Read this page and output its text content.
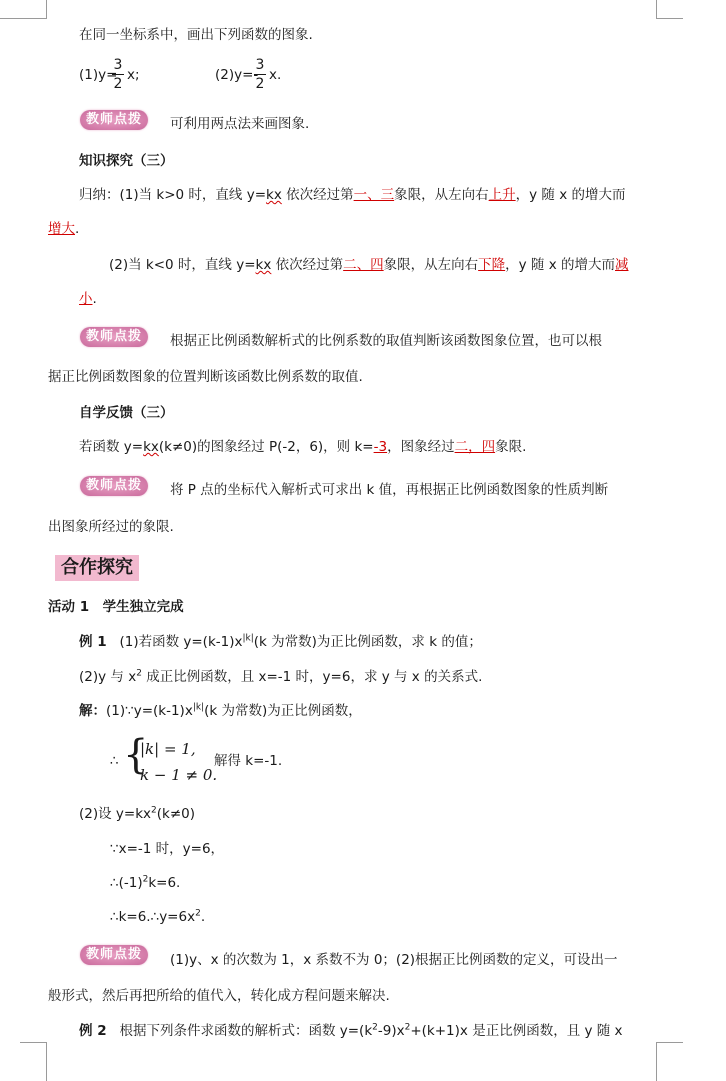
在同一坐标系中，画出下列函数的图象.
(1)y=
3
2
x;	(2)y=-
3
2
x.
教师点拨	可利用两点法来画图象.
知识探究（三）
归纳：(1)当 k>0 时，直线 y=kx 依次经过第一、三象限，从左向右上升，y 随 x 的增大而
增大.
(2)当 k<0 时，直线 y=kx 依次经过第二、四象限，从左向右下降，y 随 x 的增大而减
小.
教师点拨	根据正比例函数解析式的比例系数的取值判断该函数图象位置，也可以根
据正比例函数图象的位置判断该函数比例系数的取值.
自学反馈（三）
若函数 y=kx(k≠0)的图象经过 P(-2，6)，则 k=-3，图象经过二，四象限.
教师点拨	将 P 点的坐标代入解析式可求出 k 值，再根据正比例函数图象的性质判断
出图象所经过的象限.
合作探究
活动 1　学生独立完成
例 1 (1)若函数 $y=(k-1)x^{|k|}(k$ 为常数)为正比例函数，求 k 的值；
(2)y 与 $x^2$ 成正比例函数，且 x=-1 时，y=6，求 y 与 x 的关系式.
解：$(1)\because y=(k-1)x^{|k|}(k$ 为常数)为正比例函数，
∴ {
|k| = 1,
k − 1 ≠ 0.
解得 k=-1.
(2)设 $y=kx^2(k\ne 0)$
∵x=-1 时，y=6，
$\therefore(-1)^2k=6$.
$\therefore k=6.\therefore y=6x^2$.
教师点拨	(1)y、x 的次数为 1，x 系数不为 0；(2)根据正比例函数的定义，可设出一
般形式，然后再把所给的值代入，转化成方程问题来解决.
例 2 根据下列条件求函数的解析式：函数 $y=(k^2-9)x^2+(k+1)x$ 是正比例函数，且 y 随 x
